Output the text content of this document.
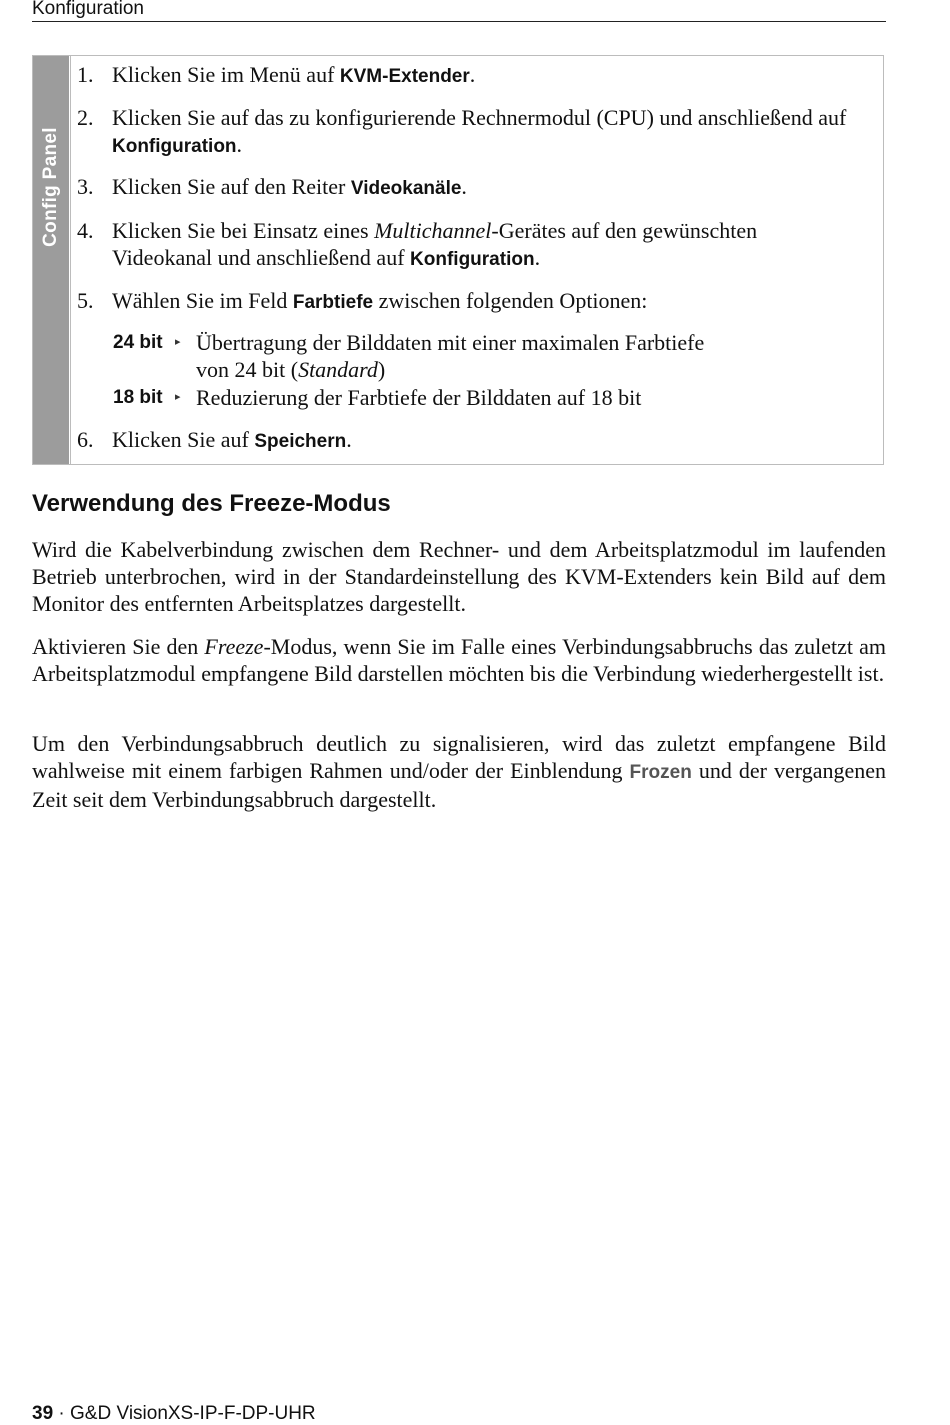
Konfiguration
Config Panel
1. Klicken Sie im Menü auf KVM-Extender.
2. Klicken Sie auf das zu konfigurierende Rechnermodul (CPU) und anschließend auf Konfiguration.
3. Klicken Sie auf den Reiter Videokanäle.
4. Klicken Sie bei Einsatz eines Multichannel-Gerätes auf den gewünschten Videokanal und anschließend auf Konfiguration.
5. Wählen Sie im Feld Farbtiefe zwischen folgenden Optionen:
24 bit ▸ Übertragung der Bilddaten mit einer maximalen Farbtiefe
von 24 bit (Standard)
18 bit ▸ Reduzierung der Farbtiefe der Bilddaten auf 18 bit
6. Klicken Sie auf Speichern.
Verwendung des Freeze-Modus

Wird die Kabelverbindung zwischen dem Rechner- und dem Arbeitsplatzmodul im laufenden Betrieb unterbrochen, wird in der Standardeinstellung des KVM-Extenders kein Bild auf dem Monitor des entfernten Arbeitsplatzes dargestellt.

Aktivieren Sie den Freeze-Modus, wenn Sie im Falle eines Verbindungsabbruchs das zuletzt am Arbeitsplatzmodul empfangene Bild darstellen möchten bis die Verbindung wiederhergestellt ist.

Um den Verbindungsabbruch deutlich zu signalisieren, wird das zuletzt empfangene Bild wahlweise mit einem farbigen Rahmen und/oder der Einblendung Frozen und der vergangenen Zeit seit dem Verbindungsabbruch dargestellt.

39 · G&D VisionXS-IP-F-DP-UHR
